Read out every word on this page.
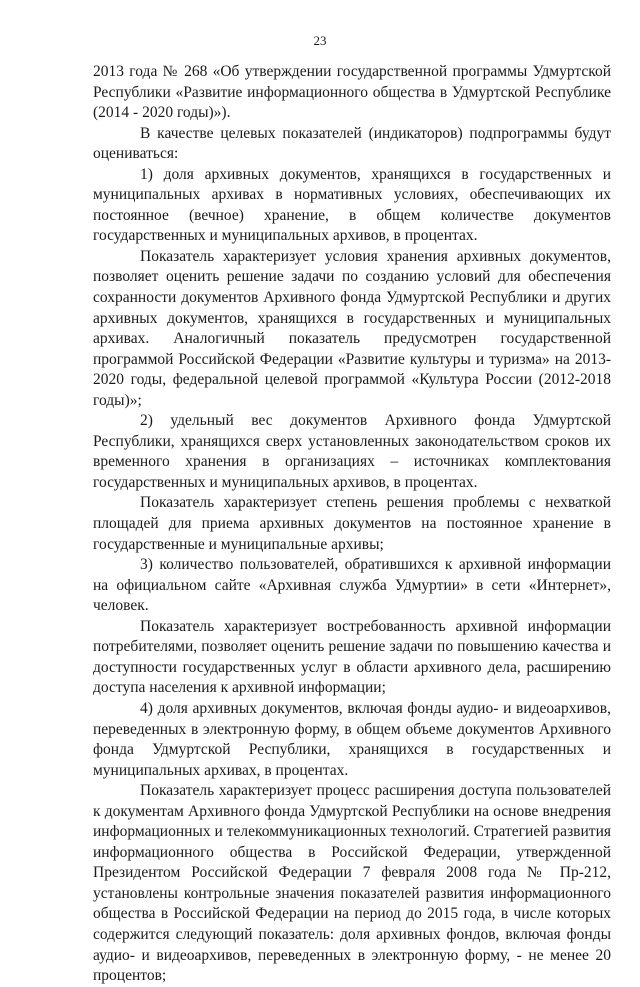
23

2013 года № 268 «Об утверждении государственной программы Удмуртской Республики «Развитие информационного общества в Удмуртской Республике (2014 - 2020 годы)»).

В качестве целевых показателей (индикаторов) подпрограммы будут оцениваться:

1) доля архивных документов, хранящихся в государственных и муниципальных архивах в нормативных условиях, обеспечивающих их постоянное (вечное) хранение, в общем количестве документов государственных и муниципальных архивов, в процентах.

Показатель характеризует условия хранения архивных документов, позволяет оценить решение задачи по созданию условий для обеспечения сохранности документов Архивного фонда Удмуртской Республики и других архивных документов, хранящихся в государственных и муниципальных архивах. Аналогичный показатель предусмотрен государственной программой Российской Федерации «Развитие культуры и туризма» на 2013-2020 годы, федеральной целевой программой «Культура России (2012-2018 годы)»;

2) удельный вес документов Архивного фонда Удмуртской Республики, хранящихся сверх установленных законодательством сроков их временного хранения в организациях – источниках комплектования государственных и муниципальных архивов, в процентах.

Показатель характеризует степень решения проблемы с нехваткой площадей для приема архивных документов на постоянное хранение в государственные и муниципальные архивы;

3) количество пользователей, обратившихся к архивной информации на официальном сайте «Архивная служба Удмуртии» в сети «Интернет», человек.

Показатель характеризует востребованность архивной информации потребителями, позволяет оценить решение задачи по повышению качества и доступности государственных услуг в области архивного дела, расширению доступа населения к архивной информации;

4) доля архивных документов, включая фонды аудио- и видеоархивов, переведенных в электронную форму, в общем объеме документов Архивного фонда Удмуртской Республики, хранящихся в государственных и муниципальных архивах, в процентах.

Показатель характеризует процесс расширения доступа пользователей к документам Архивного фонда Удмуртской Республики на основе внедрения информационных и телекоммуникационных технологий. Стратегией развития информационного общества в Российской Федерации, утвержденной Президентом Российской Федерации 7 февраля 2008 года № Пр-212, установлены контрольные значения показателей развития информационного общества в Российской Федерации на период до 2015 года, в числе которых содержится следующий показатель: доля архивных фондов, включая фонды аудио- и видеоархивов, переведенных в электронную форму, - не менее 20 процентов;
